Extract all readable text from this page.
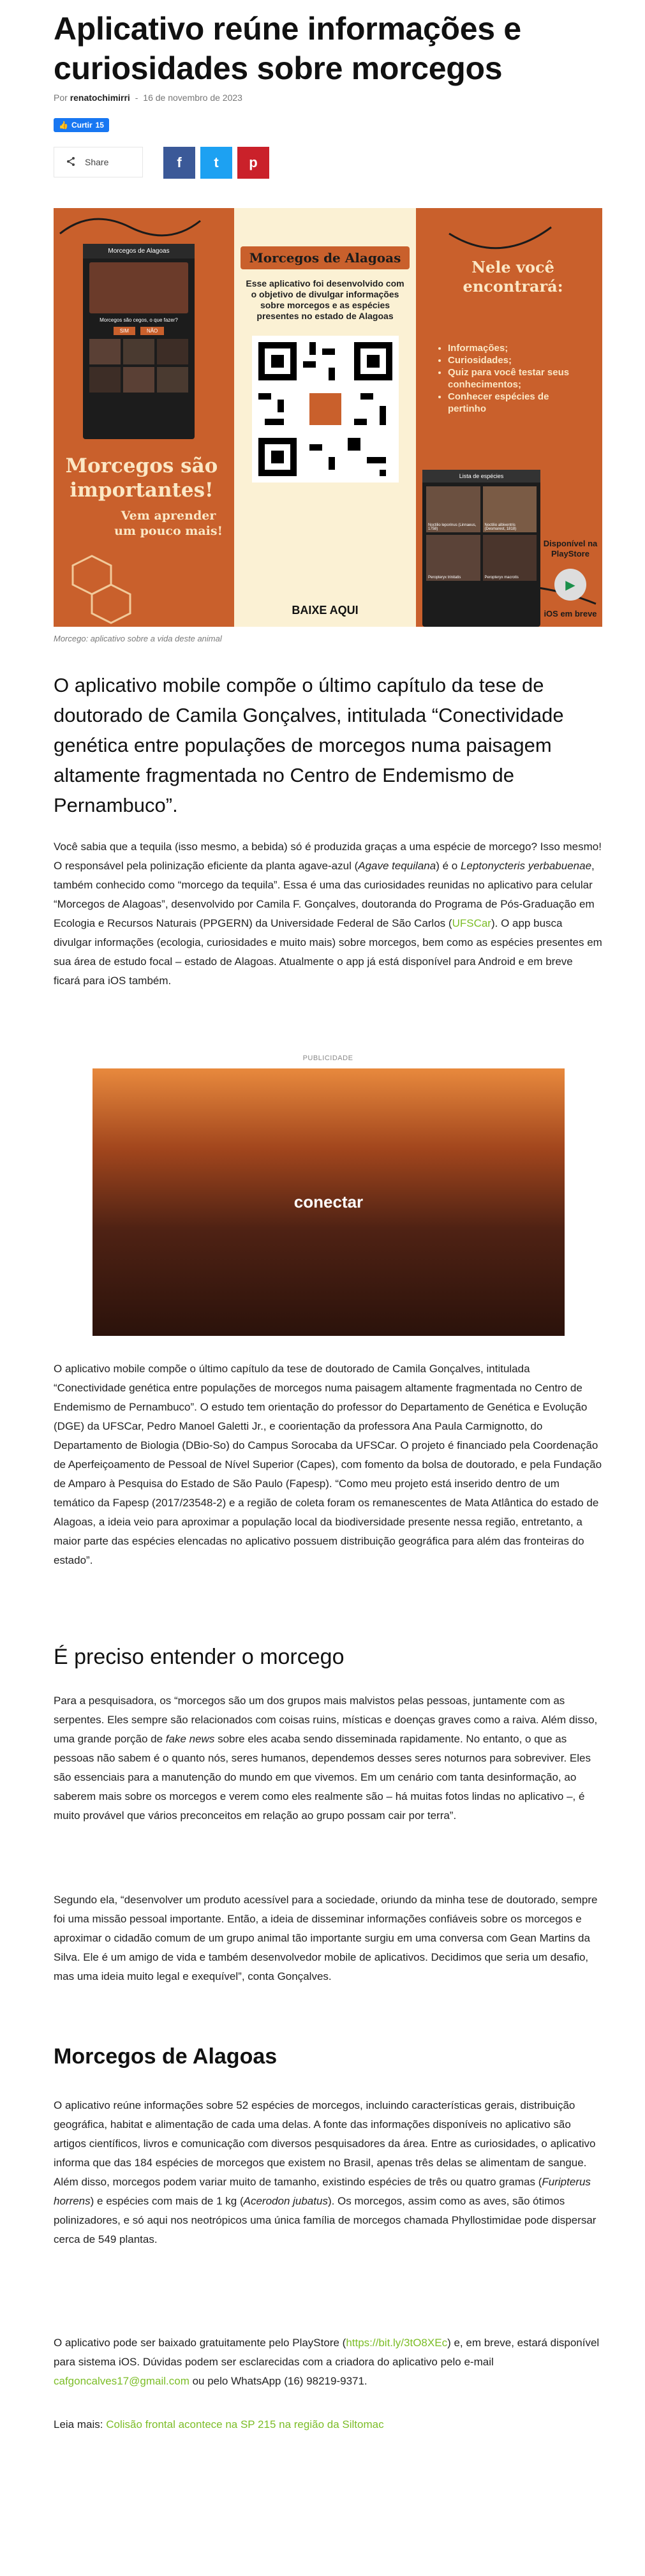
Aplicativo reúne informações e curiosidades sobre morcegos
Por renatochimirri - 16 de novembro de 2023
👍 Curtir 15
Share	f t p
Morcegos de Alagoas
Morcegos são cegos, o que fazer?
SIM	NÃO
Morcegos são importantes!
Vem aprender um pouco mais!
Morcegos de Alagoas
Esse aplicativo foi desenvolvido com o objetivo de divulgar informações sobre morcegos e as espécies presentes no estado de Alagoas
BAIXE AQUI
Nele você encontrará:
• Informações;
• Curiosidades;
• Quiz para você testar seus conhecimentos;
• Conhecer espécies de pertinho
Lista de espécies
Noctilio leporinus (Linnaeus, 1758)
Noctilio albiventris (Desmarest, 1818)
Peropteryx trinitatis	Peropteryx macrotis
Disponível na PlayStore
▶
iOS em breve
Morcego: aplicativo sobre a vida deste animal

O aplicativo mobile compõe o último capítulo da tese de doutorado de Camila Gonçalves, intitulada “Conectividade genética entre populações de morcegos numa paisagem altamente fragmentada no Centro de Endemismo de Pernambuco”.

Você sabia que a tequila (isso mesmo, a bebida) só é produzida graças a uma espécie de morcego? Isso mesmo! O responsável pela polinização eficiente da planta agave-azul (Agave tequilana) é o Leptonycteris yerbabuenae, também conhecido como “morcego da tequila”. Essa é uma das curiosidades reunidas no aplicativo para celular “Morcegos de Alagoas”, desenvolvido por Camila F. Gonçalves, doutoranda do Programa de Pós-Graduação em Ecologia e Recursos Naturais (PPGERN) da Universidade Federal de São Carlos (UFSCar). O app busca divulgar informações (ecologia, curiosidades e muito mais) sobre morcegos, bem como as espécies presentes em sua área de estudo focal – estado de Alagoas. Atualmente o app já está disponível para Android e em breve ficará para iOS também.

PUBLICIDADE
conectar

O aplicativo mobile compõe o último capítulo da tese de doutorado de Camila Gonçalves, intitulada “Conectividade genética entre populações de morcegos numa paisagem altamente fragmentada no Centro de Endemismo de Pernambuco”. O estudo tem orientação do professor do Departamento de Genética e Evolução (DGE) da UFSCar, Pedro Manoel Galetti Jr., e coorientação da professora Ana Paula Carmignotto, do Departamento de Biologia (DBio-So) do Campus Sorocaba da UFSCar. O projeto é financiado pela Coordenação de Aperfeiçoamento de Pessoal de Nível Superior (Capes), com fomento da bolsa de doutorado, e pela Fundação de Amparo à Pesquisa do Estado de São Paulo (Fapesp). “Como meu projeto está inserido dentro de um temático da Fapesp (2017/23548-2) e a região de coleta foram os remanescentes de Mata Atlântica do estado de Alagoas, a ideia veio para aproximar a população local da biodiversidade presente nessa região, entretanto, a maior parte das espécies elencadas no aplicativo possuem distribuição geográfica para além das fronteiras do estado”.

É preciso entender o morcego

Para a pesquisadora, os “morcegos são um dos grupos mais malvistos pelas pessoas, juntamente com as serpentes. Eles sempre são relacionados com coisas ruins, místicas e doenças graves como a raiva. Além disso, uma grande porção de fake news sobre eles acaba sendo disseminada rapidamente. No entanto, o que as pessoas não sabem é o quanto nós, seres humanos, dependemos desses seres noturnos para sobreviver. Eles são essenciais para a manutenção do mundo em que vivemos. Em um cenário com tanta desinformação, ao saberem mais sobre os morcegos e verem como eles realmente são – há muitas fotos lindas no aplicativo –, é muito provável que vários preconceitos em relação ao grupo possam cair por terra”.

Segundo ela, “desenvolver um produto acessível para a sociedade, oriundo da minha tese de doutorado, sempre foi uma missão pessoal importante. Então, a ideia de disseminar informações confiáveis sobre os morcegos e aproximar o cidadão comum de um grupo animal tão importante surgiu em uma conversa com Gean Martins da Silva. Ele é um amigo de vida e também desenvolvedor mobile de aplicativos. Decidimos que seria um desafio, mas uma ideia muito legal e exequível”, conta Gonçalves.

Morcegos de Alagoas

O aplicativo reúne informações sobre 52 espécies de morcegos, incluindo características gerais, distribuição geográfica, habitat e alimentação de cada uma delas. A fonte das informações disponíveis no aplicativo são artigos científicos, livros e comunicação com diversos pesquisadores da área. Entre as curiosidades, o aplicativo informa que das 184 espécies de morcegos que existem no Brasil, apenas três delas se alimentam de sangue. Além disso, morcegos podem variar muito de tamanho, existindo espécies de três ou quatro gramas (Furipterus horrens) e espécies com mais de 1 kg (Acerodon jubatus). Os morcegos, assim como as aves, são ótimos polinizadores, e só aqui nos neotrópicos uma única família de morcegos chamada Phyllostimidae pode dispersar cerca de 549 plantas.

O aplicativo pode ser baixado gratuitamente pelo PlayStore (https://bit.ly/3tO8XEc) e, em breve, estará disponível para sistema iOS. Dúvidas podem ser esclarecidas com a criadora do aplicativo pelo e-mail cafgoncalves17@gmail.com ou pelo WhatsApp (16) 98219-9371.

Leia mais: Colisão frontal acontece na SP 215 na região da Siltomac
